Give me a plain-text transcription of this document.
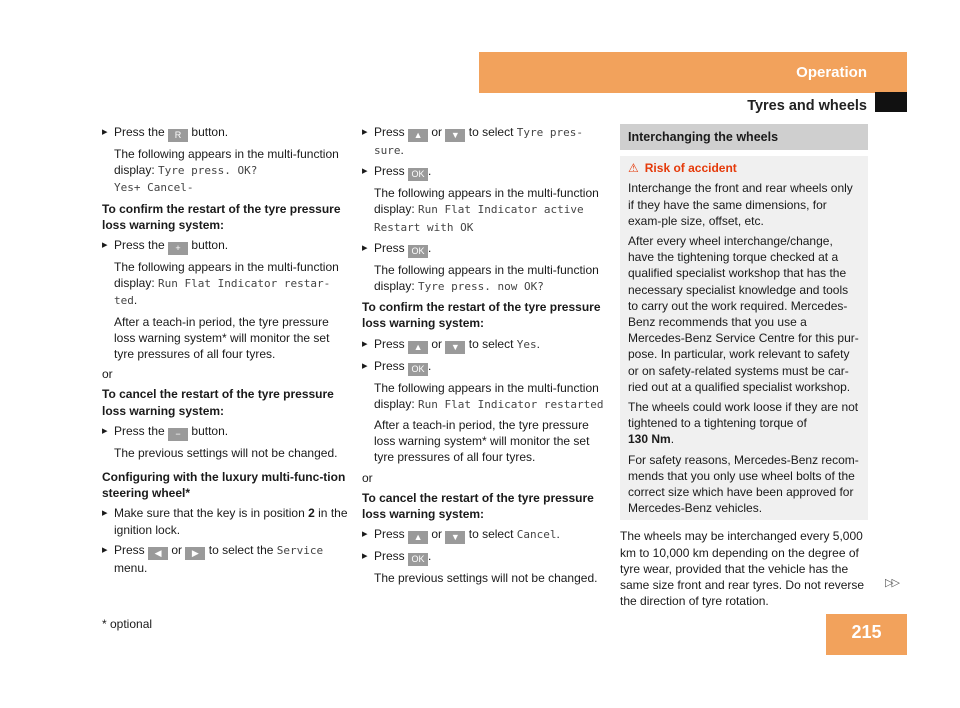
Operation
Tyres and wheels
▸ Press the R button.
The following appears in the multi-function display: Tyre press. OK?
Yes+ Cancel-

To confirm the restart of the tyre pressure loss warning system:

▸ Press the + button.
The following appears in the multi-function display: Run Flat Indicator restar-ted.

After a teach-in period, the tyre pressure loss warning system* will monitor the set tyre pressures of all four tyres.

or

To cancel the restart of the tyre pressure loss warning system:

▸ Press the − button.

The previous settings will not be changed.

Configuring with the luxury multi-func-tion steering wheel*

▸ Make sure that the key is in position 2 in the ignition lock.
▸ Press ◀ or ▶ to select the Service menu.
▸ Press ▲ or ▼ to select Tyre pres-sure.
▸ Press OK .
The following appears in the multi-function display: Run Flat Indicator active
Restart with OK
▸ Press OK .
The following appears in the multi-function display: Tyre press. now OK?

To confirm the restart of the tyre pressure loss warning system:

▸ Press ▲ or ▼ to select Yes.
▸ Press OK .
The following appears in the multi-function display: Run Flat Indicator restarted

After a teach-in period, the tyre pressure loss warning system* will monitor the set tyre pressures of all four tyres.

or

To cancel the restart of the tyre pressure loss warning system:

▸ Press ▲ or ▼ to select Cancel.
▸ Press OK .

The previous settings will not be changed.

Interchanging the wheels
⚠ Risk of accident

Interchange the front and rear wheels only if they have the same dimensions, for exam-ple size, offset, etc.

After every wheel interchange/change, have the tightening torque checked at a qualified specialist workshop that has the necessary specialist knowledge and tools to carry out the work required. Mercedes-Benz recommends that you use a Mercedes-Benz Service Centre for this pur-pose. In particular, work relevant to safety or on safety-related systems must be car-ried out at a qualified specialist workshop.

The wheels could work loose if they are not tightened to a tightening torque of
130 Nm.

For safety reasons, Mercedes-Benz recom-mends that you only use wheel bolts of the correct size which have been approved for Mercedes-Benz vehicles.

The wheels may be interchanged every 5,000 km to 10,000 km depending on the degree of tyre wear, provided that the vehicle has the same size front and rear tyres. Do not reverse the direction of tyre rotation.

▷▷
* optional	215
